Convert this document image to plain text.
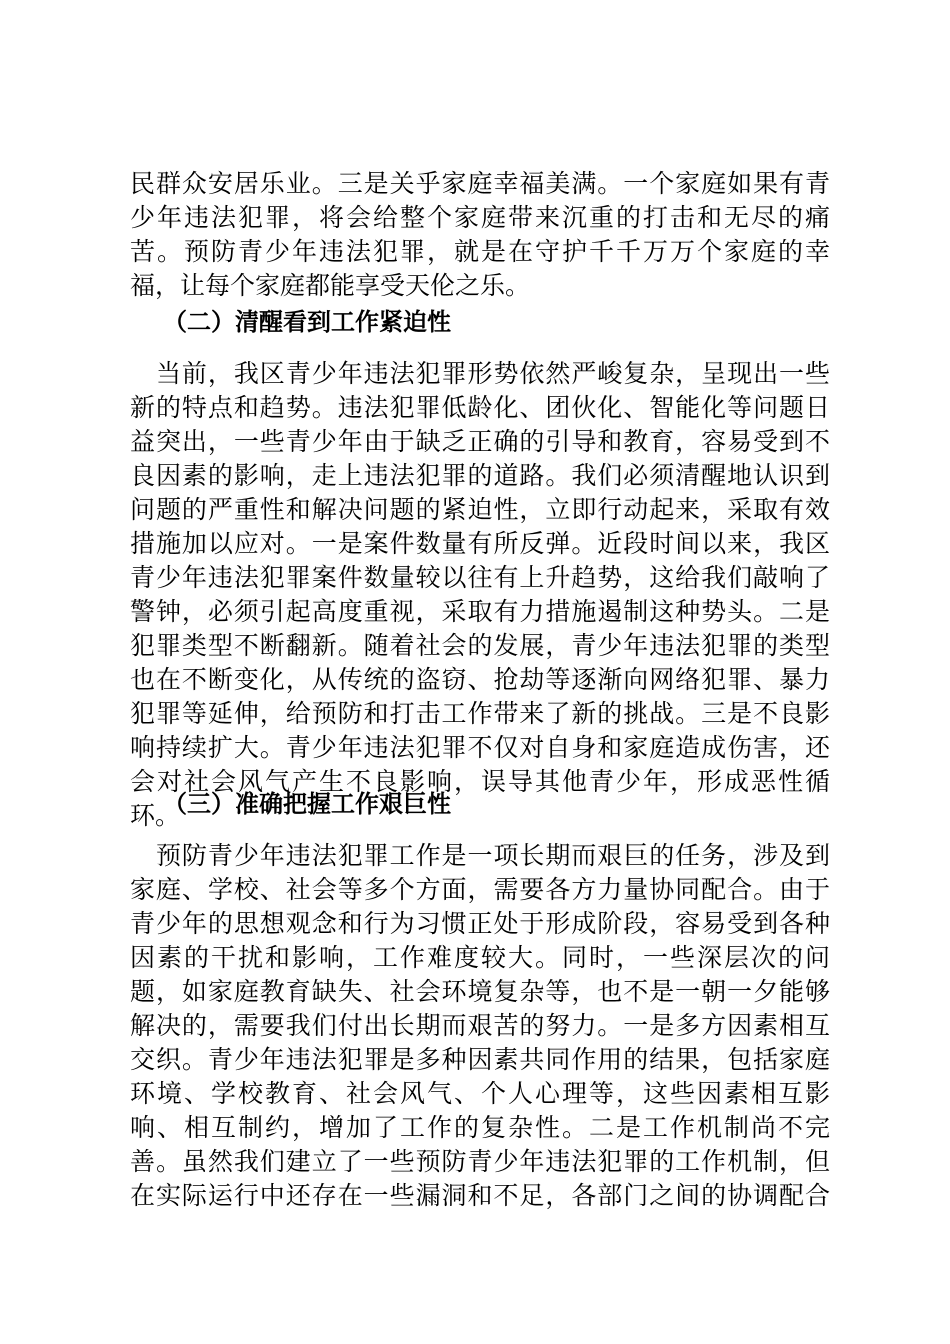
民群众安居乐业。三是关乎家庭幸福美满。一个家庭如果有青
少年违法犯罪，将会给整个家庭带来沉重的打击和无尽的痛
苦。预防青少年违法犯罪，就是在守护千千万万个家庭的幸
福，让每个家庭都能享受天伦之乐。
（二）清醒看到工作紧迫性
　当前，我区青少年违法犯罪形势依然严峻复杂，呈现出一些
新的特点和趋势。违法犯罪低龄化、团伙化、智能化等问题日
益突出，一些青少年由于缺乏正确的引导和教育，容易受到不
良因素的影响，走上违法犯罪的道路。我们必须清醒地认识到
问题的严重性和解决问题的紧迫性，立即行动起来，采取有效
措施加以应对。一是案件数量有所反弹。近段时间以来，我区
青少年违法犯罪案件数量较以往有上升趋势，这给我们敲响了
警钟，必须引起高度重视，采取有力措施遏制这种势头。二是
犯罪类型不断翻新。随着社会的发展，青少年违法犯罪的类型
也在不断变化，从传统的盗窃、抢劫等逐渐向网络犯罪、暴力
犯罪等延伸，给预防和打击工作带来了新的挑战。三是不良影
响持续扩大。青少年违法犯罪不仅对自身和家庭造成伤害，还
会对社会风气产生不良影响，误导其他青少年，形成恶性循
环。
（三）准确把握工作艰巨性
　预防青少年违法犯罪工作是一项长期而艰巨的任务，涉及到
家庭、学校、社会等多个方面，需要各方力量协同配合。由于
青少年的思想观念和行为习惯正处于形成阶段，容易受到各种
因素的干扰和影响，工作难度较大。同时，一些深层次的问
题，如家庭教育缺失、社会环境复杂等，也不是一朝一夕能够
解决的，需要我们付出长期而艰苦的努力。一是多方因素相互
交织。青少年违法犯罪是多种因素共同作用的结果，包括家庭
环境、学校教育、社会风气、个人心理等，这些因素相互影
响、相互制约，增加了工作的复杂性。二是工作机制尚不完
善。虽然我们建立了一些预防青少年违法犯罪的工作机制，但
在实际运行中还存在一些漏洞和不足，各部门之间的协调配合
